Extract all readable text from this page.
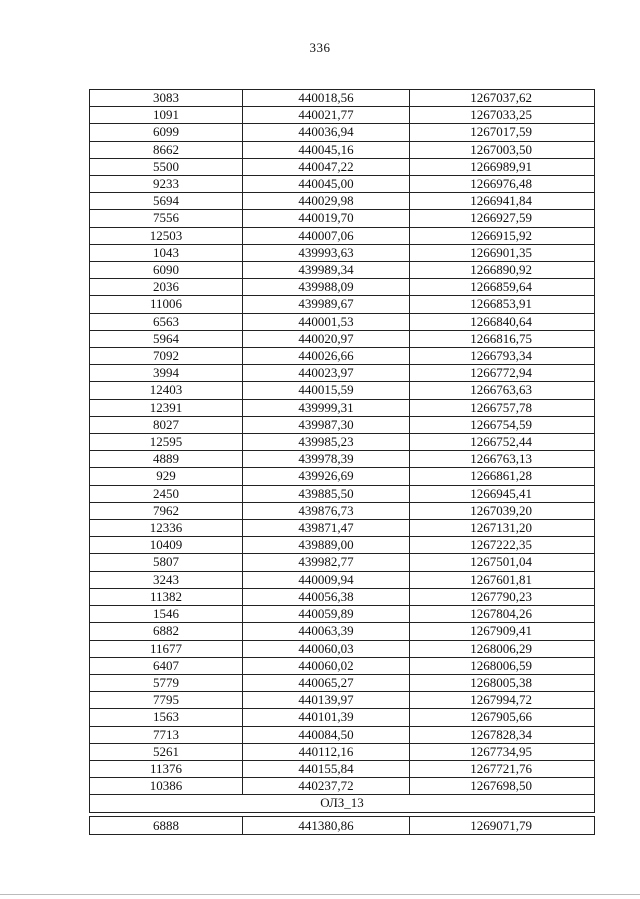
336
3083	440018,56	1267037,62
1091	440021,77	1267033,25
6099	440036,94	1267017,59
8662	440045,16	1267003,50
5500	440047,22	1266989,91
9233	440045,00	1266976,48
5694	440029,98	1266941,84
7556	440019,70	1266927,59
12503	440007,06	1266915,92
1043	439993,63	1266901,35
6090	439989,34	1266890,92
2036	439988,09	1266859,64
11006	439989,67	1266853,91
6563	440001,53	1266840,64
5964	440020,97	1266816,75
7092	440026,66	1266793,34
3994	440023,97	1266772,94
12403	440015,59	1266763,63
12391	439999,31	1266757,78
8027	439987,30	1266754,59
12595	439985,23	1266752,44
4889	439978,39	1266763,13
929	439926,69	1266861,28
2450	439885,50	1266945,41
7962	439876,73	1267039,20
12336	439871,47	1267131,20
10409	439889,00	1267222,35
5807	439982,77	1267501,04
3243	440009,94	1267601,81
11382	440056,38	1267790,23
1546	440059,89	1267804,26
6882	440063,39	1267909,41
11677	440060,03	1268006,29
6407	440060,02	1268006,59
5779	440065,27	1268005,38
7795	440139,97	1267994,72
1563	440101,39	1267905,66
7713	440084,50	1267828,34
5261	440112,16	1267734,95
11376	440155,84	1267721,76
10386	440237,72	1267698,50
ОЛЗ_13		
6888	441380,86	1269071,79
